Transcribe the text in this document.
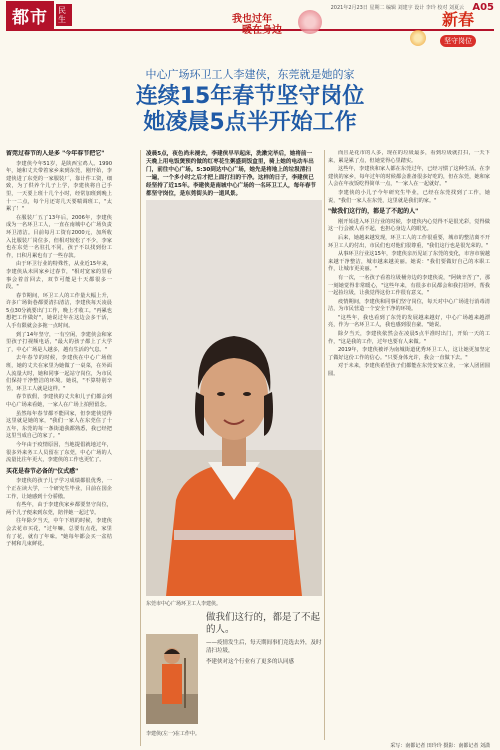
都市	民生
2021年2月23日 星期二 编辑 刘建宇 设计 李玲 校对 刘夏云 A05
我也过年
暖在身边
新春
坚守岗位
中心广场环卫工人李建侠，东莞就是她的家
连续15年春节坚守岗位
她凌晨5点半开始工作
留莞过春节的人是多 "今年春节把它"

李建侠今年51岁，是陕西宝鸡人。1990年，她和丈夫带着家乡来到东莞，刚开始，李建侠进了东莞的一家服装厂，靠计件工资，细致，为了供养个儿子上学，李建侠将自己手里，一天要上班十几个小时，经常加班到晚上十一二点，每个月还寄几天要喘调班工，"太累了！"

在服装厂五了13年后，2006年，李建侠成为一名环卫工人，一直在南城中心广场负责环卫清洁。目前每月工资有2000元，加所收入比服装厂岗位多，但相对较松了不少，李家也在东莞一名驻扎不同，孩子不以找到份工作，日积月累也有了一些存款。

由于环卫行业的特殊性，从业近15年来，李建侠从未回家乡过春节，"相对宽家的里看事会着首回去，双节可能是十天都很多一段。"

春节期间，环卫工人的工作量大幅上升，许多广场街巷都要清扫清洁，李建侠每天凌晨5点30分就要出门工作，晚上才收工。"再累也想把工作做好"，她说过年在这边会多干活，人手有限就会多拖一点时间。

到了14年坚守，一有空闲，李建侠会和家里孩子打视频电话，"最大的孩子都上了大学了，中心广场是人越多，越有生活的气息。"

去年春节的时候，李建侠在中心广场值班，她的丈夫在家里为她做了一桌菜，在外面人流量大时，她和同事一起站守岗位，为市民们保持干净整洁的环境。她说，"不算特别辛苦，环卫工人就是这样。"

春节放假，李建侠的丈夫和儿子们都会到中心广场来看她，一家人在广场上拍照留念。

虽然每年春节都不能回家，但李建侠觉得这里就是她的家，"我们一家人在东莞住了十五年，东莞的每一条街道我都熟悉，我已经把这里当成自己的家了。"

今年由于疫情原因，当地提倡就地过年，很多外来务工人员留在了东莞，中心广场的人流量比往年更大，李建侠的工作也更忙了。

买花是春节必备的"仪式感"

李建侠的孩子儿子学习成绩都很优秀，一个正在读大学，一个研究生毕业，目前在国企工作，让她感到十分骄傲。

有些年，由于李建侠家乡都要坚守岗位，两个儿子便来到东莞，陪伴她一起过节。

往年除夕当天，中午下班的时候，李建侠会去花市买花，"过年嘛，总要有点花，家里有了花，就有了年味。"她每年都会买一盆桔子树和几束鲜花。

凌晨5点，夜色尚未褪去，李建侠早早起床，洗漱完毕后，她将前一天晚上用电饭煲预约做的红枣花生粥盛到饭盒里，骑上她的电动车出门，前往中心广场。5:30到达中心广场，她先是将地上的垃圾清扫一遍，一个多小时之后才把上面打扫的干净。这样的日子，李建侠已经坚持了近15年。李建侠是南城中心广场的一名环卫工人，每年春节都坚守岗位，是东莞街头的一道风景。
东莞市中心广场环卫工人李建侠。
做我们这行的，都是了不起的人。
——疫情发生后，每天期间事们竞选去外，及时清扫垃圾，
李建侠对这个行业有了更多的认同感
李建侠(左一)在工作中。

而且是花市的人多，现在的垃圾最多，看到垃圾就打扫，一天下来，累是累了点，但她觉得心里踏实。

这些年，李建侠和家人都在东莞过年，已经习惯了这种生活。在李建侠的家乡，每年过年的时候都会准备很多好吃的，但在东莞，她和家人会在年夜饭吃得简单一点，"一家人在一起就好。"

李建侠的小儿子今年研究生毕业，已经在东莞找到了工作，她说，"我们一家人在东莞，这里就是我们的家。"

"做我们这行的，都是了不起的人"

刚开始进入环卫行业的时候，李建侠内心觉得不是很光彩，觉得做这一行会被人看不起，也担心身边人的眼光。

后来，她越来越发现，环卫工人的工作很重要，城市的整洁离不开环卫工人的付出，市民们也对他们很尊重，"我们这行也是很光荣的。"

从事环卫行业这15年，李建侠亲历见证了东莞的变化，市容市貌越来越干净整洁，城市越来越美丽。她说："我们要做好自己的本职工作，让城市更美丽。"

有一次，一名孩子看着垃圾桶旁边的李建侠说，"阿姨辛苦了"，那一刻她觉得非常暖心，"这些年来，有很多市民都会和我打招呼，帮我一起捡垃圾，让我觉得这份工作很有意义。"

疫情期间，李建侠和同事们坚守岗位，每天对中心广场进行消毒清洁，为市民营造一个安全干净的环境。

"这些年，我也看到了东莞的发展越来越好，中心广场越来越漂亮，作为一名环卫工人，我也感到很自豪。"她说。

除夕当天，李建侠依然会在凌晨5点半准时出门，开始一天的工作，"这是我的工作，过年也要有人来做。"

2019年，李建侠被评为南城街道优秀环卫工人，这让她更加坚定了做好这份工作的信心。"只要身体允许，我会一直做下去。"

对于未来，李建侠希望孩子们都能在东莞安家立业，一家人团团圆圆。

采写：南都记者 田玲玲 摄影：南都记者 刘潇
